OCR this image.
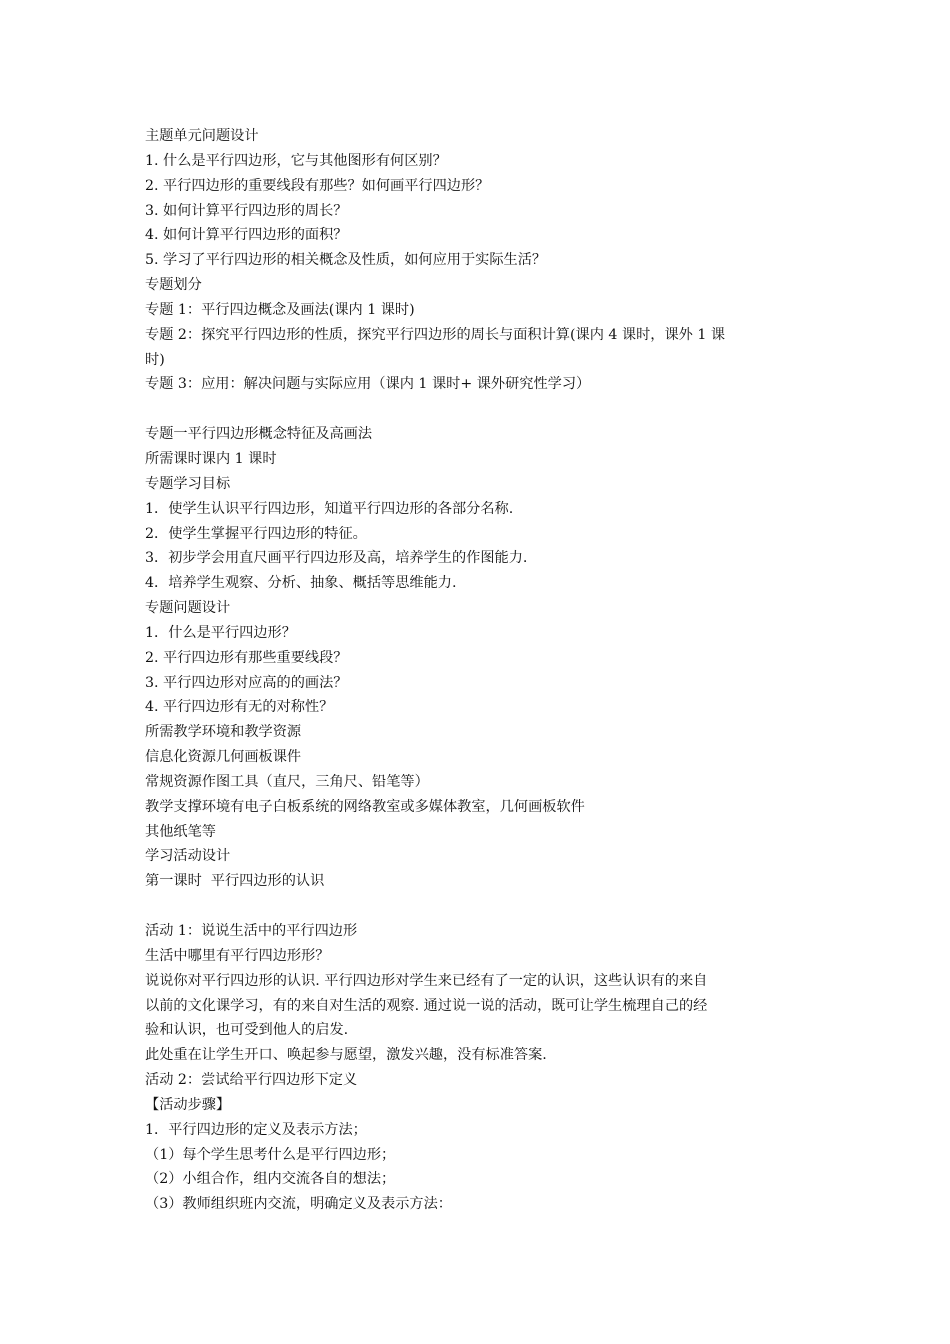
主题单元问题设计

1. 什么是平行四边形，它与其他图形有何区别？

2. 平行四边形的重要线段有那些？如何画平行四边形？

3. 如何计算平行四边形的周长？

4. 如何计算平行四边形的面积？

5. 学习了平行四边形的相关概念及性质，如何应用于实际生活？

专题划分

专题 1：平行四边概念及画法(课内 1 课时)

专题 2：探究平行四边形的性质，探究平行四边形的周长与面积计算(课内 4 课时，课外 1 课

时)

专题 3：应用：解决问题与实际应用（课内 1 课时+ 课外研究性学习）

专题一平行四边形概念特征及高画法

所需课时课内 1 课时

专题学习目标

1．使学生认识平行四边形，知道平行四边形的各部分名称.

2．使学生掌握平行四边形的特征。

3．初步学会用直尺画平行四边形及高，培养学生的作图能力.

4．培养学生观察、分析、抽象、概括等思维能力.

专题问题设计

1．什么是平行四边形？

2. 平行四边形有那些重要线段？

3. 平行四边形对应高的的画法？

4. 平行四边形有无的对称性？

所需教学环境和教学资源

信息化资源几何画板课件

常规资源作图工具（直尺，三角尺、铅笔等）

教学支撑环境有电子白板系统的网络教室或多媒体教室，几何画板软件

其他纸笔等

学习活动设计

第一课时  平行四边形的认识

活动 1：说说生活中的平行四边形

生活中哪里有平行四边形形？

说说你对平行四边形的认识. 平行四边形对学生来已经有了一定的认识，这些认识有的来自

以前的文化课学习，有的来自对生活的观察. 通过说一说的活动，既可让学生梳理自己的经

验和认识，也可受到他人的启发.

此处重在让学生开口、唤起参与愿望，激发兴趣，没有标准答案.

活动 2：尝试给平行四边形下定义

【活动步骤】

1．平行四边形的定义及表示方法；

（1）每个学生思考什么是平行四边形；

（2）小组合作，组内交流各自的想法；

（3）教师组织班内交流，明确定义及表示方法：
